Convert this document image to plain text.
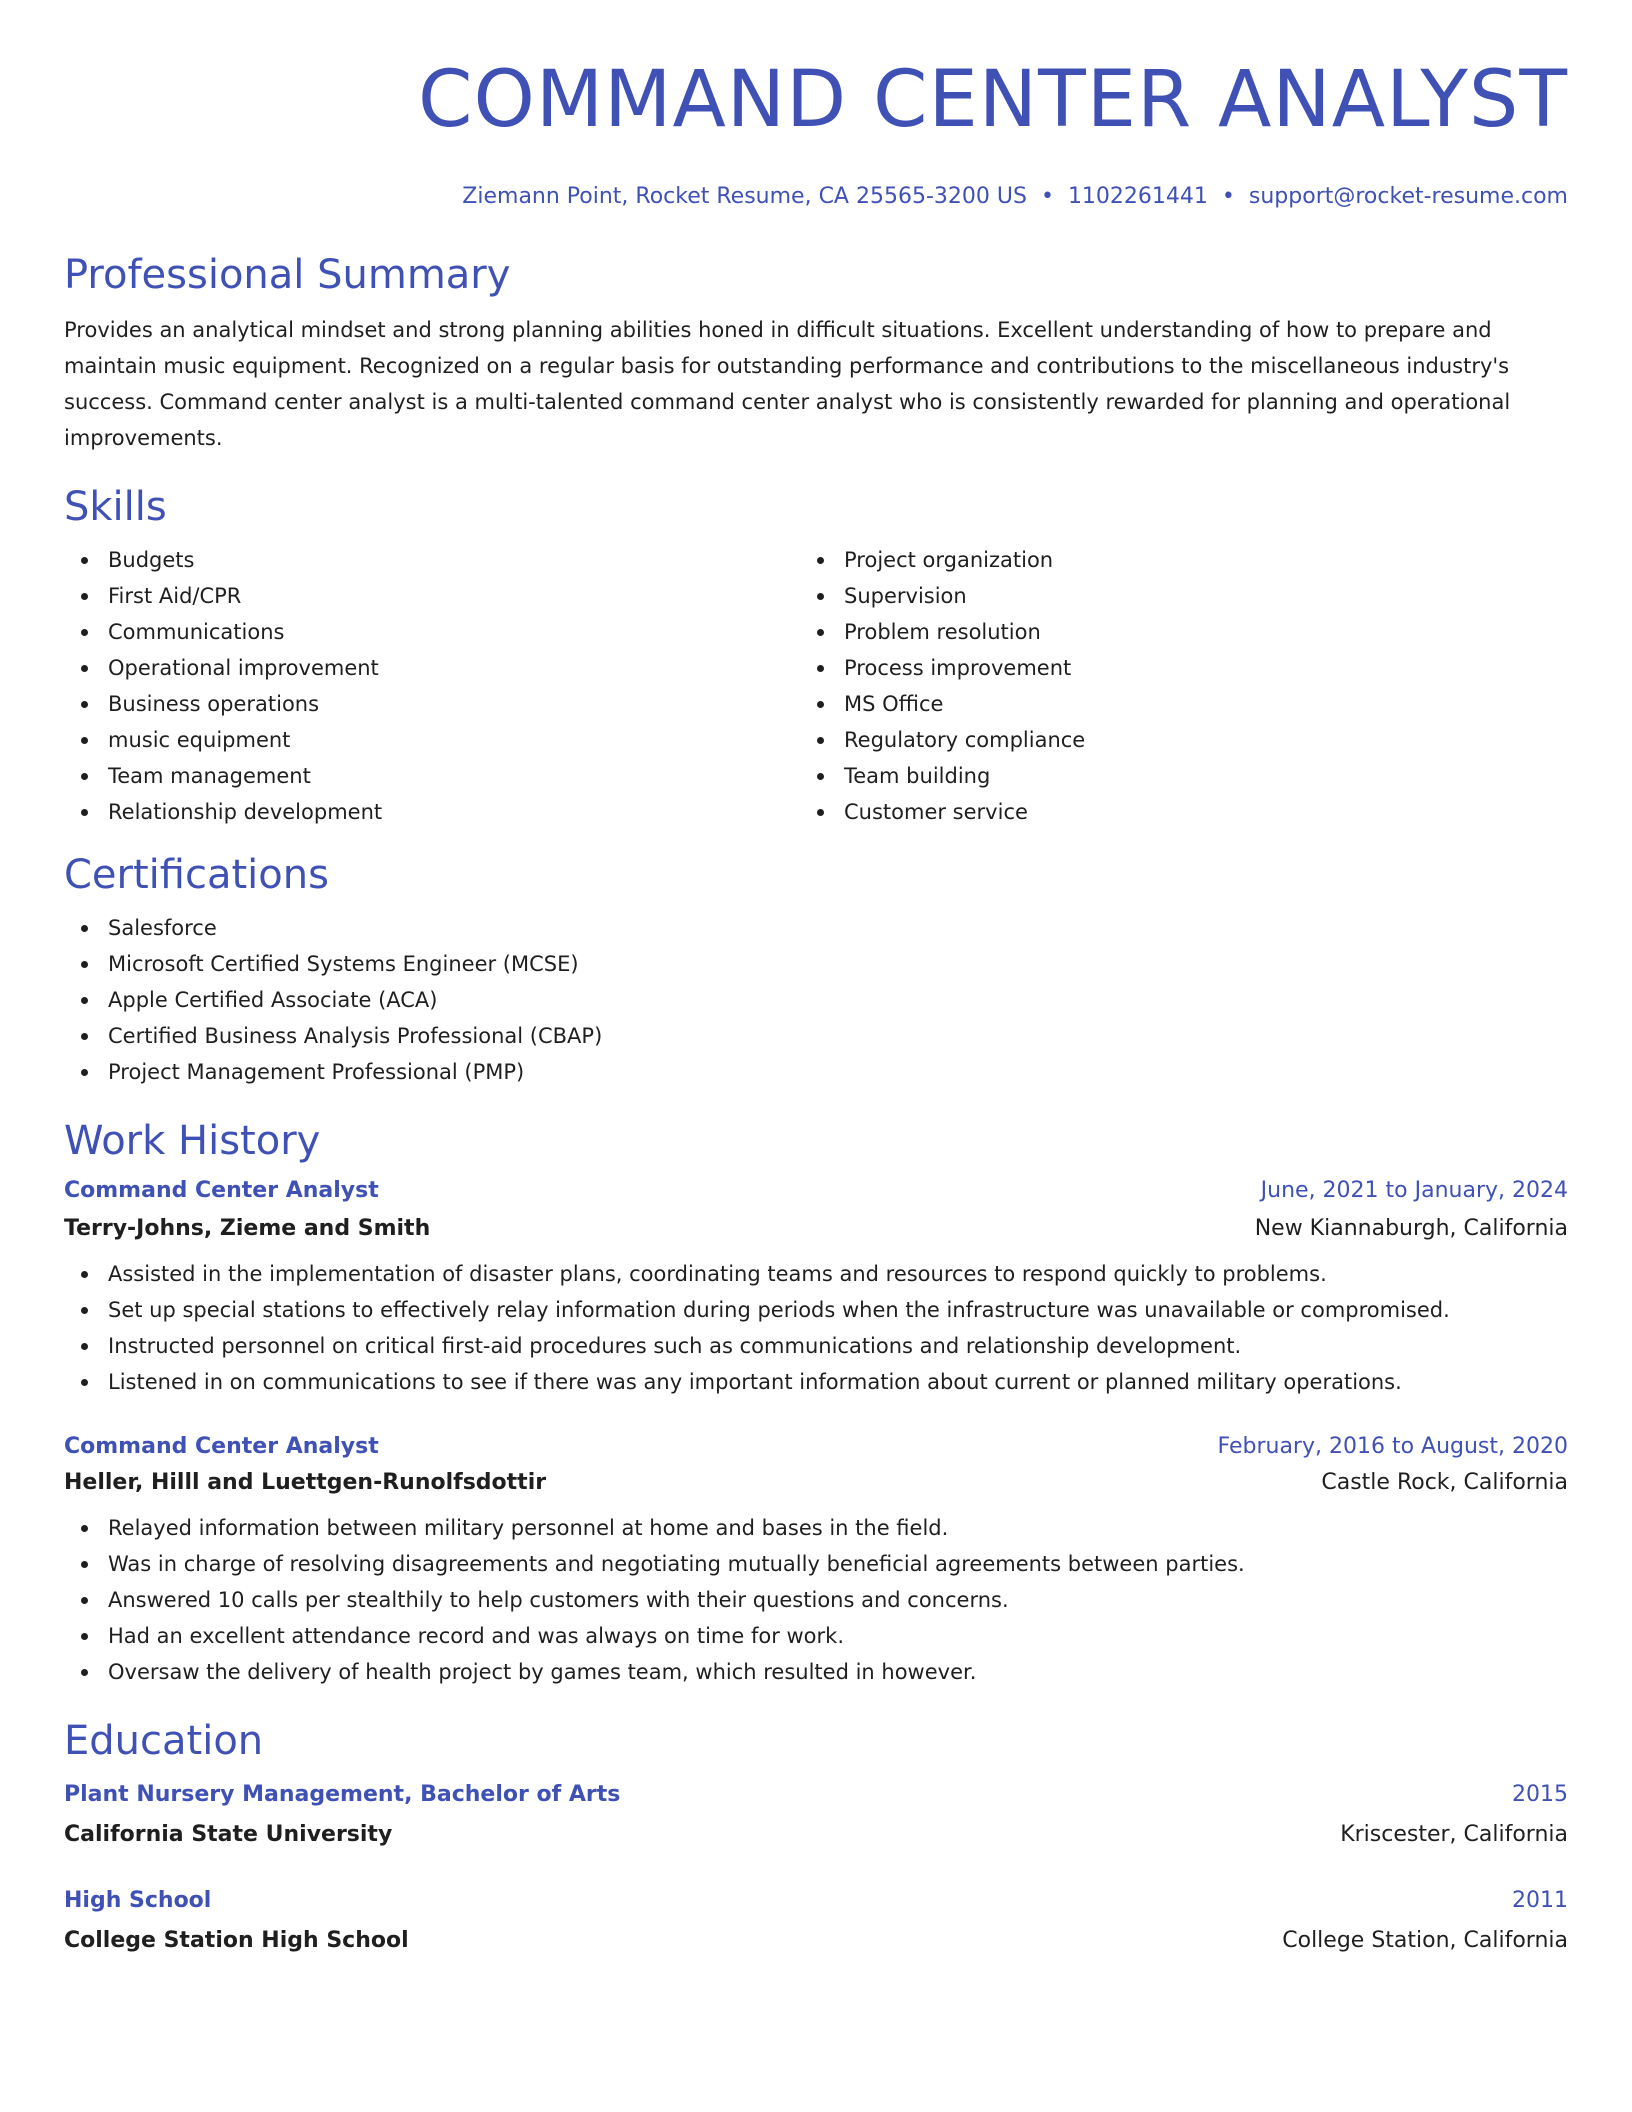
COMMAND CENTER ANALYST
Ziemann Point, Rocket Resume, CA 25565-3200 US • 1102261441 • support@rocket-resume.com
Professional Summary

Provides an analytical mindset and strong planning abilities honed in difficult situations. Excellent understanding of how to prepare and maintain music equipment. Recognized on a regular basis for outstanding performance and contributions to the miscellaneous industry's success. Command center analyst is a multi-talented command center analyst who is consistently rewarded for planning and operational improvements.

Skills
Budgets
First Aid/CPR
Communications
Operational improvement
Business operations
music equipment
Team management
Relationship development
Project organization
Supervision
Problem resolution
Process improvement
MS Office
Regulatory compliance
Team building
Customer service
Certifications
Salesforce
Microsoft Certified Systems Engineer (MCSE)
Apple Certified Associate (ACA)
Certified Business Analysis Professional (CBAP)
Project Management Professional (PMP)
Work History
Command Center Analyst	June, 2021 to January, 2024
Terry-Johns, Zieme and Smith	New Kiannaburgh, California
Assisted in the implementation of disaster plans, coordinating teams and resources to respond quickly to problems.
Set up special stations to effectively relay information during periods when the infrastructure was unavailable or compromised.
Instructed personnel on critical first-aid procedures such as communications and relationship development.
Listened in on communications to see if there was any important information about current or planned military operations.
Command Center Analyst	February, 2016 to August, 2020
Heller, Hilll and Luettgen-Runolfsdottir	Castle Rock, California
Relayed information between military personnel at home and bases in the field.
Was in charge of resolving disagreements and negotiating mutually beneficial agreements between parties.
Answered 10 calls per stealthily to help customers with their questions and concerns.
Had an excellent attendance record and was always on time for work.
Oversaw the delivery of health project by games team, which resulted in however.
Education
Plant Nursery Management, Bachelor of Arts	2015
California State University	Kriscester, California
High School	2011
College Station High School	College Station, California
